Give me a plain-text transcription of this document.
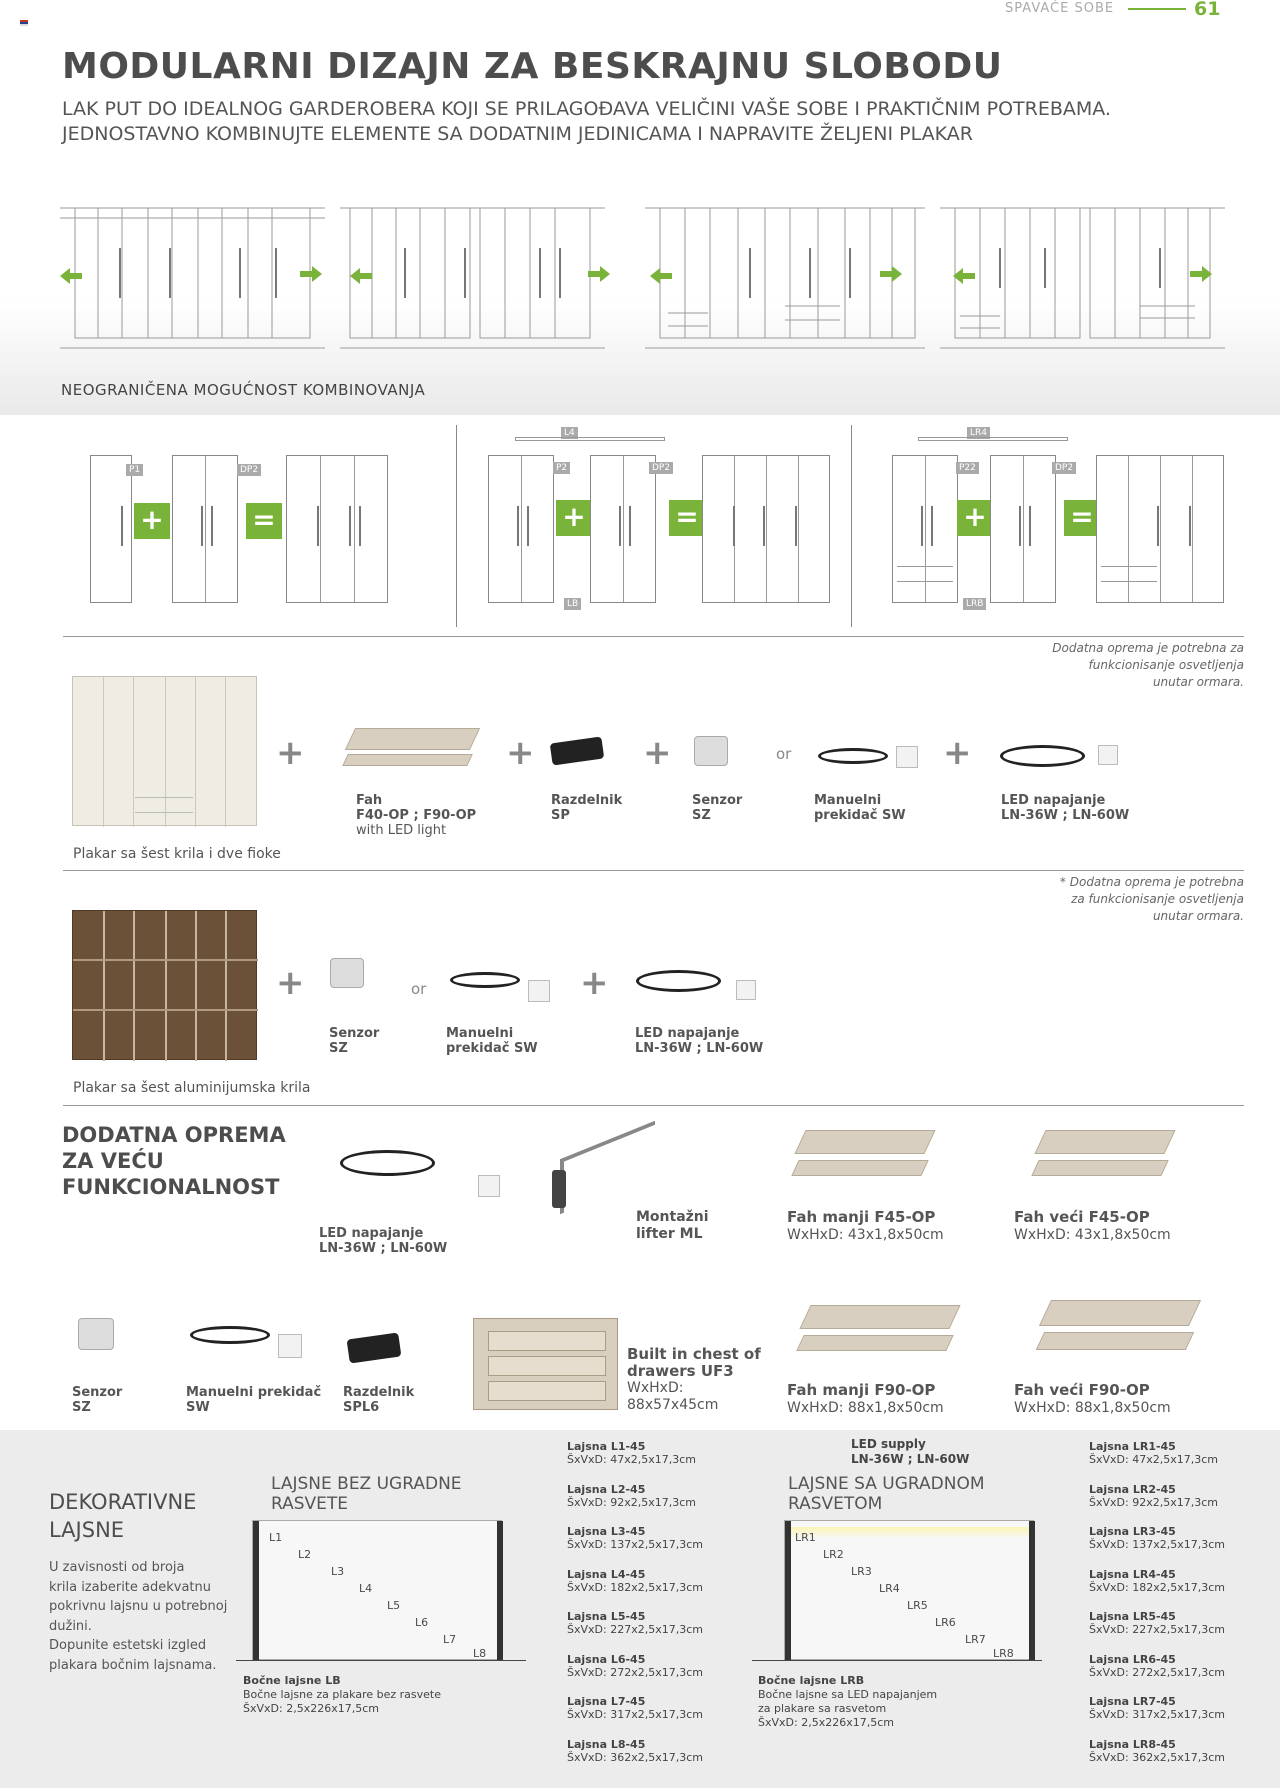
SPAVAĆE SOBE	61
MODULARNI DIZAJN ZA BESKRAJNU SLOBODU
LAK PUT DO IDEALNOG GARDEROBERA KOJI SE PRILAGOĐAVA VELIČINI VAŠE SOBE I PRAKTIČNIM POTREBAMA.
JEDNOSTAVNO KOMBINUJTE ELEMENTE SA DODATNIM JEDINICAMA I NAPRAVITE ŽELJENI PLAKAR
NEOGRANIČENA MOGUĆNOST KOMBINOVANJA
P1
+
DP2
=
L4
P2
+
DP2
=
LB
LR4
P22
+
DP2
=
LRB
Dodatna oprema je potrebna za funkcionisanje osvetljenja unutar ormara.
Plakar sa šest krila i dve fioke
+
Fah
F40-OP ; F90-OP
with LED light
+
Razdelnik
SP
+
Senzor
SZ
or
Manuelni
prekidač SW
+
LED napajanje
LN-36W ; LN-60W
* Dodatna oprema je potrebna za funkcionisanje osvetljenja unutar ormara.
Plakar sa šest aluminijumska krila
+
Senzor
SZ
or
Manuelni
prekidač SW
+
LED napajanje
LN-36W ; LN-60W
DODATNA OPREMA
ZA VEĆU
FUNKCIONALNOST
LED napajanje
LN-36W ; LN-60W
Montažni
lifter ML
Fah manji F45-OP
WxHxD: 43x1,8x50cm
Fah veći F45-OP
WxHxD: 43x1,8x50cm
Senzor
SZ
Manuelni prekidač
SW
Razdelnik
SPL6
Built in chest of
drawers UF3
WxHxD:
88x57x45cm
Fah manji F90-OP
WxHxD: 88x1,8x50cm
Fah veći F90-OP
WxHxD: 88x1,8x50cm
DEKORATIVNE
LAJSNE
U zavisnosti od broja
krila izaberite adekvatnu
pokrivnu lajsnu u potrebnoj
dužini.
Dopunite estetski izgled
plakara bočnim lajsnama.
LAJSNE BEZ UGRADNE
RASVETE
L1
L2
L3
L4
L5
L6
L7
L8
Bočne lajsne LB
Bočne lajsne za plakare bez rasvete
ŠxVxD: 2,5x226x17,5cm
Lajsna L1-45
ŠxVxD: 47x2,5x17,3cm
Lajsna L2-45
ŠxVxD: 92x2,5x17,3cm
Lajsna L3-45
ŠxVxD: 137x2,5x17,3cm
Lajsna L4-45
ŠxVxD: 182x2,5x17,3cm
Lajsna L5-45
ŠxVxD: 227x2,5x17,3cm
Lajsna L6-45
ŠxVxD: 272x2,5x17,3cm
Lajsna L7-45
ŠxVxD: 317x2,5x17,3cm
Lajsna L8-45
ŠxVxD: 362x2,5x17,3cm
LED supply
LN-36W ; LN-60W
LAJSNE SA UGRADNOM
RASVETOM
LR1
LR2
LR3
LR4
LR5
LR6
LR7
LR8
Bočne lajsne LRB
Bočne lajsne sa LED napajanjem
za plakare sa rasvetom
ŠxVxD: 2,5x226x17,5cm
Lajsna LR1-45
ŠxVxD: 47x2,5x17,3cm
Lajsna LR2-45
ŠxVxD: 92x2,5x17,3cm
Lajsna LR3-45
ŠxVxD: 137x2,5x17,3cm
Lajsna LR4-45
ŠxVxD: 182x2,5x17,3cm
Lajsna LR5-45
ŠxVxD: 227x2,5x17,3cm
Lajsna LR6-45
ŠxVxD: 272x2,5x17,3cm
Lajsna LR7-45
ŠxVxD: 317x2,5x17,3cm
Lajsna LR8-45
ŠxVxD: 362x2,5x17,3cm
